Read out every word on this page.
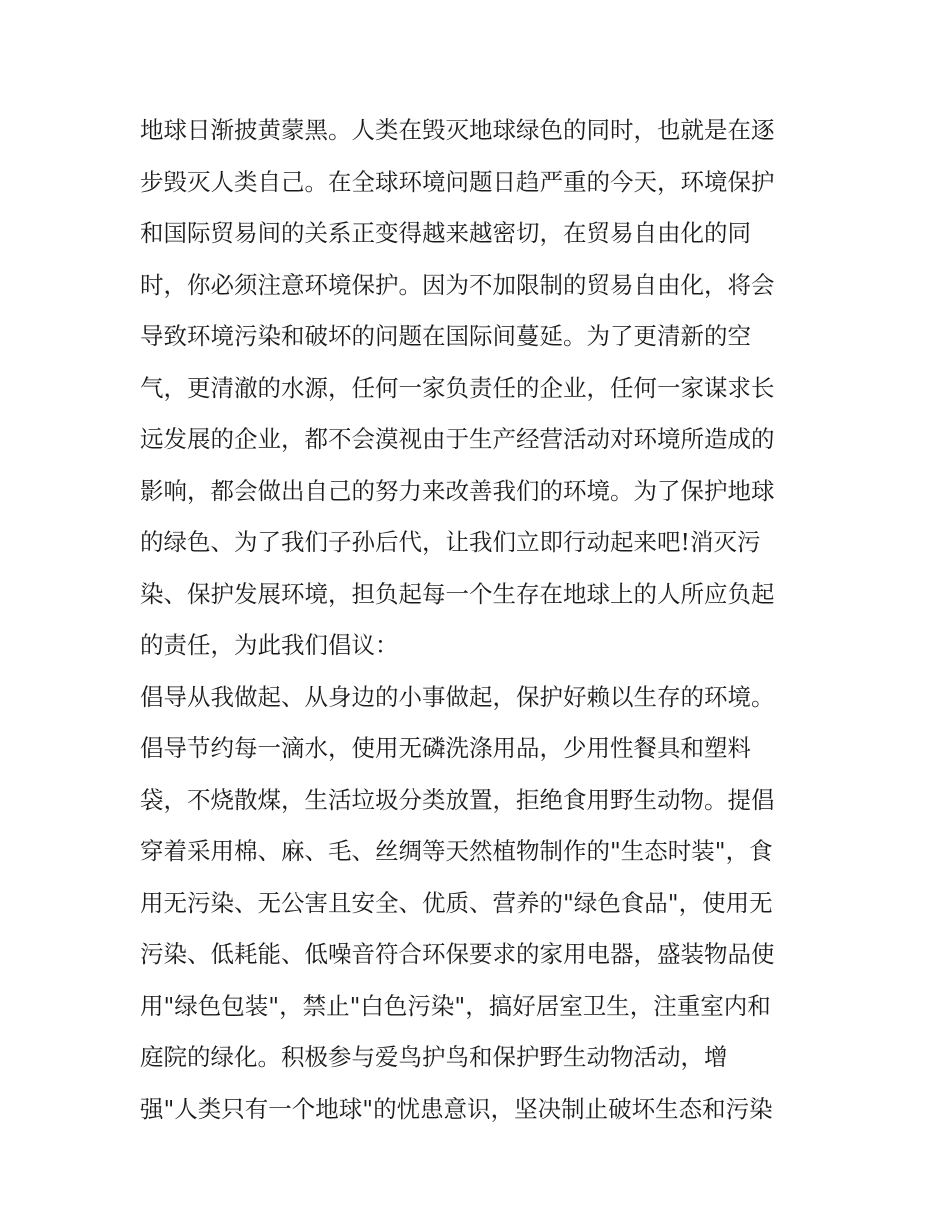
地球日渐披黄蒙黑。人类在毁灭地球绿色的同时，也就是在逐
步毁灭人类自己。在全球环境问题日趋严重的今天，环境保护
和国际贸易间的关系正变得越来越密切，在贸易自由化的同
时，你必须注意环境保护。因为不加限制的贸易自由化，将会
导致环境污染和破坏的问题在国际间蔓延。为了更清新的空
气，更清澈的水源，任何一家负责任的企业，任何一家谋求长
远发展的企业，都不会漠视由于生产经营活动对环境所造成的
影响，都会做出自己的努力来改善我们的环境。为了保护地球
的绿色、为了我们子孙后代，让我们立即行动起来吧!消灭污
染、保护发展环境，担负起每一个生存在地球上的人所应负起
的责任，为此我们倡议：
倡导从我做起、从身边的小事做起，保护好赖以生存的环境。
倡导节约每一滴水，使用无磷洗涤用品，少用性餐具和塑料
袋，不烧散煤，生活垃圾分类放置，拒绝食用野生动物。提倡
穿着采用棉、麻、毛、丝绸等天然植物制作的"生态时装"，食
用无污染、无公害且安全、优质、营养的"绿色食品"，使用无
污染、低耗能、低噪音符合环保要求的家用电器，盛装物品使
用"绿色包装"，禁止"白色污染"，搞好居室卫生，注重室内和
庭院的绿化。积极参与爱鸟护鸟和保护野生动物活动，增
强"人类只有一个地球"的忧患意识，坚决制止破坏生态和污染
